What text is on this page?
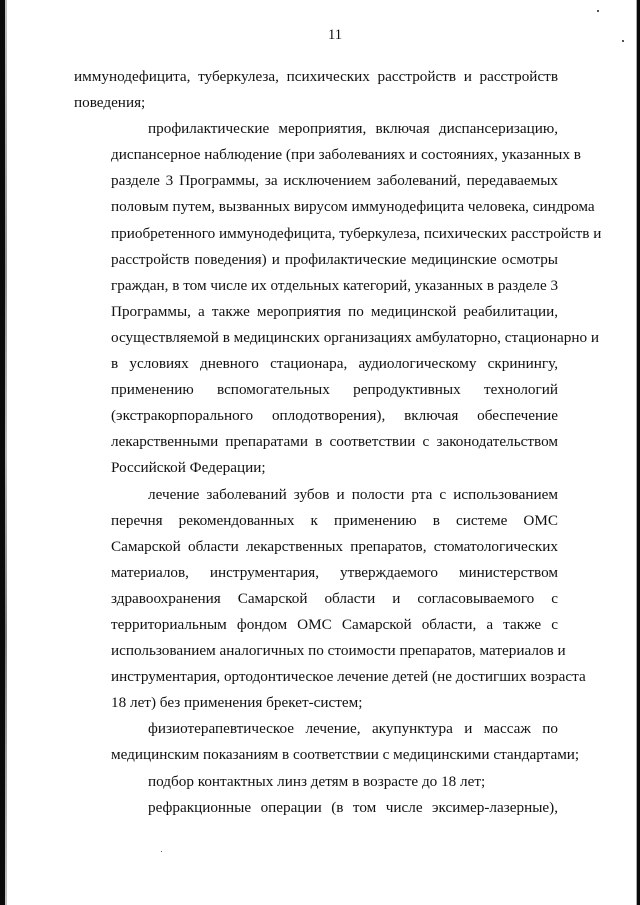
11
иммунодефицита, туберкулеза, психических расстройств и расстройств
поведения;
профилактические мероприятия, включая диспансеризацию,
диспансерное наблюдение (при заболеваниях и состояниях, указанных в
разделе 3 Программы, за исключением заболеваний, передаваемых
половым путем, вызванных вирусом иммунодефицита человека, синдрома
приобретенного иммунодефицита, туберкулеза, психических расстройств и
расстройств поведения) и профилактические медицинские осмотры
граждан, в том числе их отдельных категорий, указанных в разделе 3
Программы, а также мероприятия по медицинской реабилитации,
осуществляемой в медицинских организациях амбулаторно, стационарно и
в условиях дневного стационара, аудиологическому скринингу,
применению вспомогательных репродуктивных технологий
(экстракорпорального оплодотворения), включая обеспечение
лекарственными препаратами в соответствии с законодательством
Российской Федерации;
лечение заболеваний зубов и полости рта с использованием
перечня рекомендованных к применению в системе ОМС
Самарской области лекарственных препаратов, стоматологических
материалов, инструментария, утверждаемого министерством
здравоохранения Самарской области и согласовываемого с
территориальным фондом ОМС Самарской области, а также с
использованием аналогичных по стоимости препаратов, материалов и
инструментария, ортодонтическое лечение детей (не достигших возраста
18 лет) без применения брекет-систем;
физиотерапевтическое лечение, акупунктура и массаж по
медицинским показаниям в соответствии с медицинскими стандартами;
подбор контактных линз детям в возрасте до 18 лет;
рефракционные операции (в том числе эксимер-лазерные),
